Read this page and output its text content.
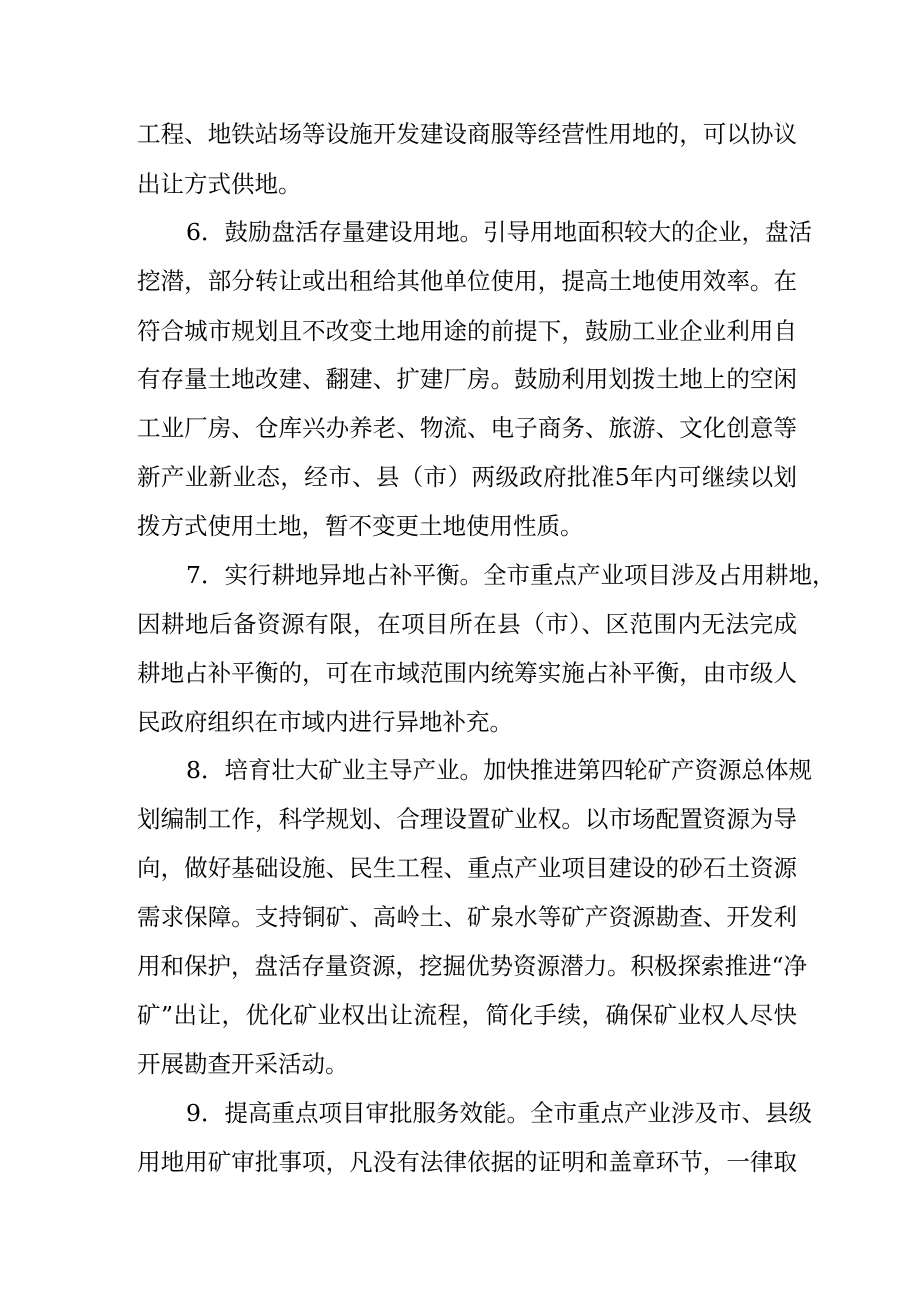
工程、地铁站场等设施开发建设商服等经营性用地的，可以协议
出让方式供地。
6．鼓励盘活存量建设用地。引导用地面积较大的企业，盘活
挖潜，部分转让或出租给其他单位使用，提高土地使用效率。在
符合城市规划且不改变土地用途的前提下，鼓励工业企业利用自
有存量土地改建、翻建、扩建厂房。鼓励利用划拨土地上的空闲
工业厂房、仓库兴办养老、物流、电子商务、旅游、文化创意等
新产业新业态，经市、县（市）两级政府批准5年内可继续以划
拨方式使用土地，暂不变更土地使用性质。
7．实行耕地异地占补平衡。全市重点产业项目涉及占用耕地，
因耕地后备资源有限，在项目所在县（市）、区范围内无法完成
耕地占补平衡的，可在市域范围内统筹实施占补平衡，由市级人
民政府组织在市域内进行异地补充。
8．培育壮大矿业主导产业。加快推进第四轮矿产资源总体规
划编制工作，科学规划、合理设置矿业权。以市场配置资源为导
向，做好基础设施、民生工程、重点产业项目建设的砂石土资源
需求保障。支持铜矿、高岭土、矿泉水等矿产资源勘查、开发利
用和保护，盘活存量资源，挖掘优势资源潜力。积极探索推进“净
矿”出让，优化矿业权出让流程，简化手续，确保矿业权人尽快
开展勘查开采活动。
9．提高重点项目审批服务效能。全市重点产业涉及市、县级
用地用矿审批事项，凡没有法律依据的证明和盖章环节，一律取
